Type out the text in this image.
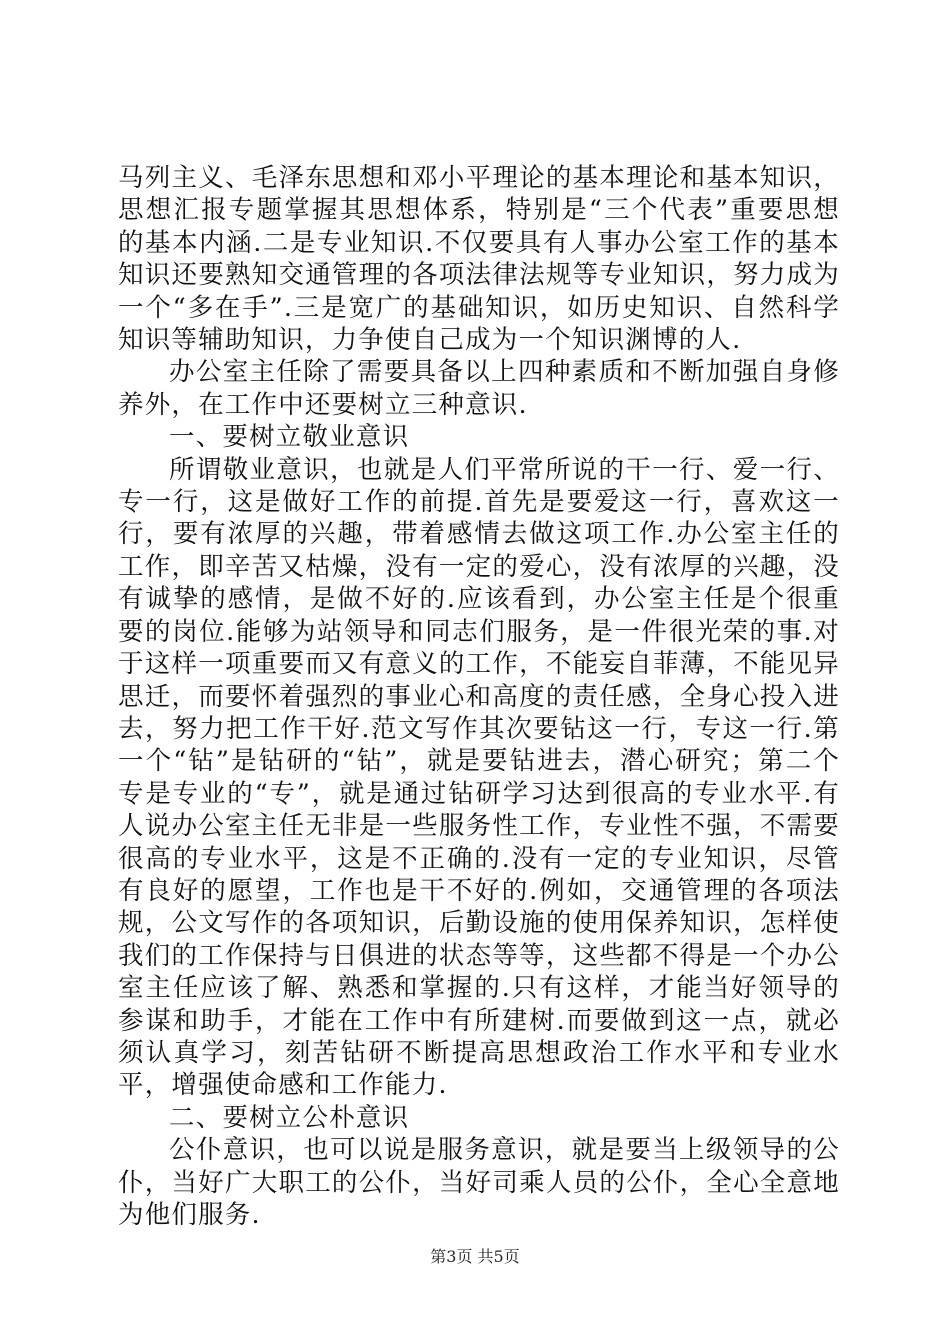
马列主义、毛泽东思想和邓小平理论的基本理论和基本知识，思想汇报专题掌握其思想体系，特别是“三个代表”重要思想的基本内涵.二是专业知识.不仅要具有人事办公室工作的基本知识还要熟知交通管理的各项法律法规等专业知识，努力成为一个“多在手”.三是宽广的基础知识，如历史知识、自然科学知识等辅助知识，力争使自己成为一个知识渊博的人.

办公室主任除了需要具备以上四种素质和不断加强自身修养外，在工作中还要树立三种意识.

一、要树立敬业意识

所谓敬业意识，也就是人们平常所说的干一行、爱一行、专一行，这是做好工作的前提.首先是要爱这一行，喜欢这一行，要有浓厚的兴趣，带着感情去做这项工作.办公室主任的工作，即辛苦又枯燥，没有一定的爱心，没有浓厚的兴趣，没有诚挚的感情，是做不好的.应该看到，办公室主任是个很重要的岗位.能够为站领导和同志们服务，是一件很光荣的事.对于这样一项重要而又有意义的工作，不能妄自菲薄，不能见异思迁，而要怀着强烈的事业心和高度的责任感，全身心投入进去，努力把工作干好.范文写作其次要钻这一行，专这一行.第一个“钻”是钻研的“钻”，就是要钻进去，潜心研究；第二个专是专业的“专”，就是通过钻研学习达到很高的专业水平.有人说办公室主任无非是一些服务性工作，专业性不强，不需要很高的专业水平，这是不正确的.没有一定的专业知识，尽管有良好的愿望，工作也是干不好的.例如，交通管理的各项法规，公文写作的各项知识，后勤设施的使用保养知识，怎样使我们的工作保持与日俱进的状态等等，这些都不得是一个办公室主任应该了解、熟悉和掌握的.只有这样，才能当好领导的参谋和助手，才能在工作中有所建树.而要做到这一点，就必须认真学习，刻苦钻研不断提高思想政治工作水平和专业水平，增强使命感和工作能力.

二、要树立公朴意识

公仆意识，也可以说是服务意识，就是要当上级领导的公仆，当好广大职工的公仆，当好司乘人员的公仆，全心全意地为他们服务.

第3页 共5页
